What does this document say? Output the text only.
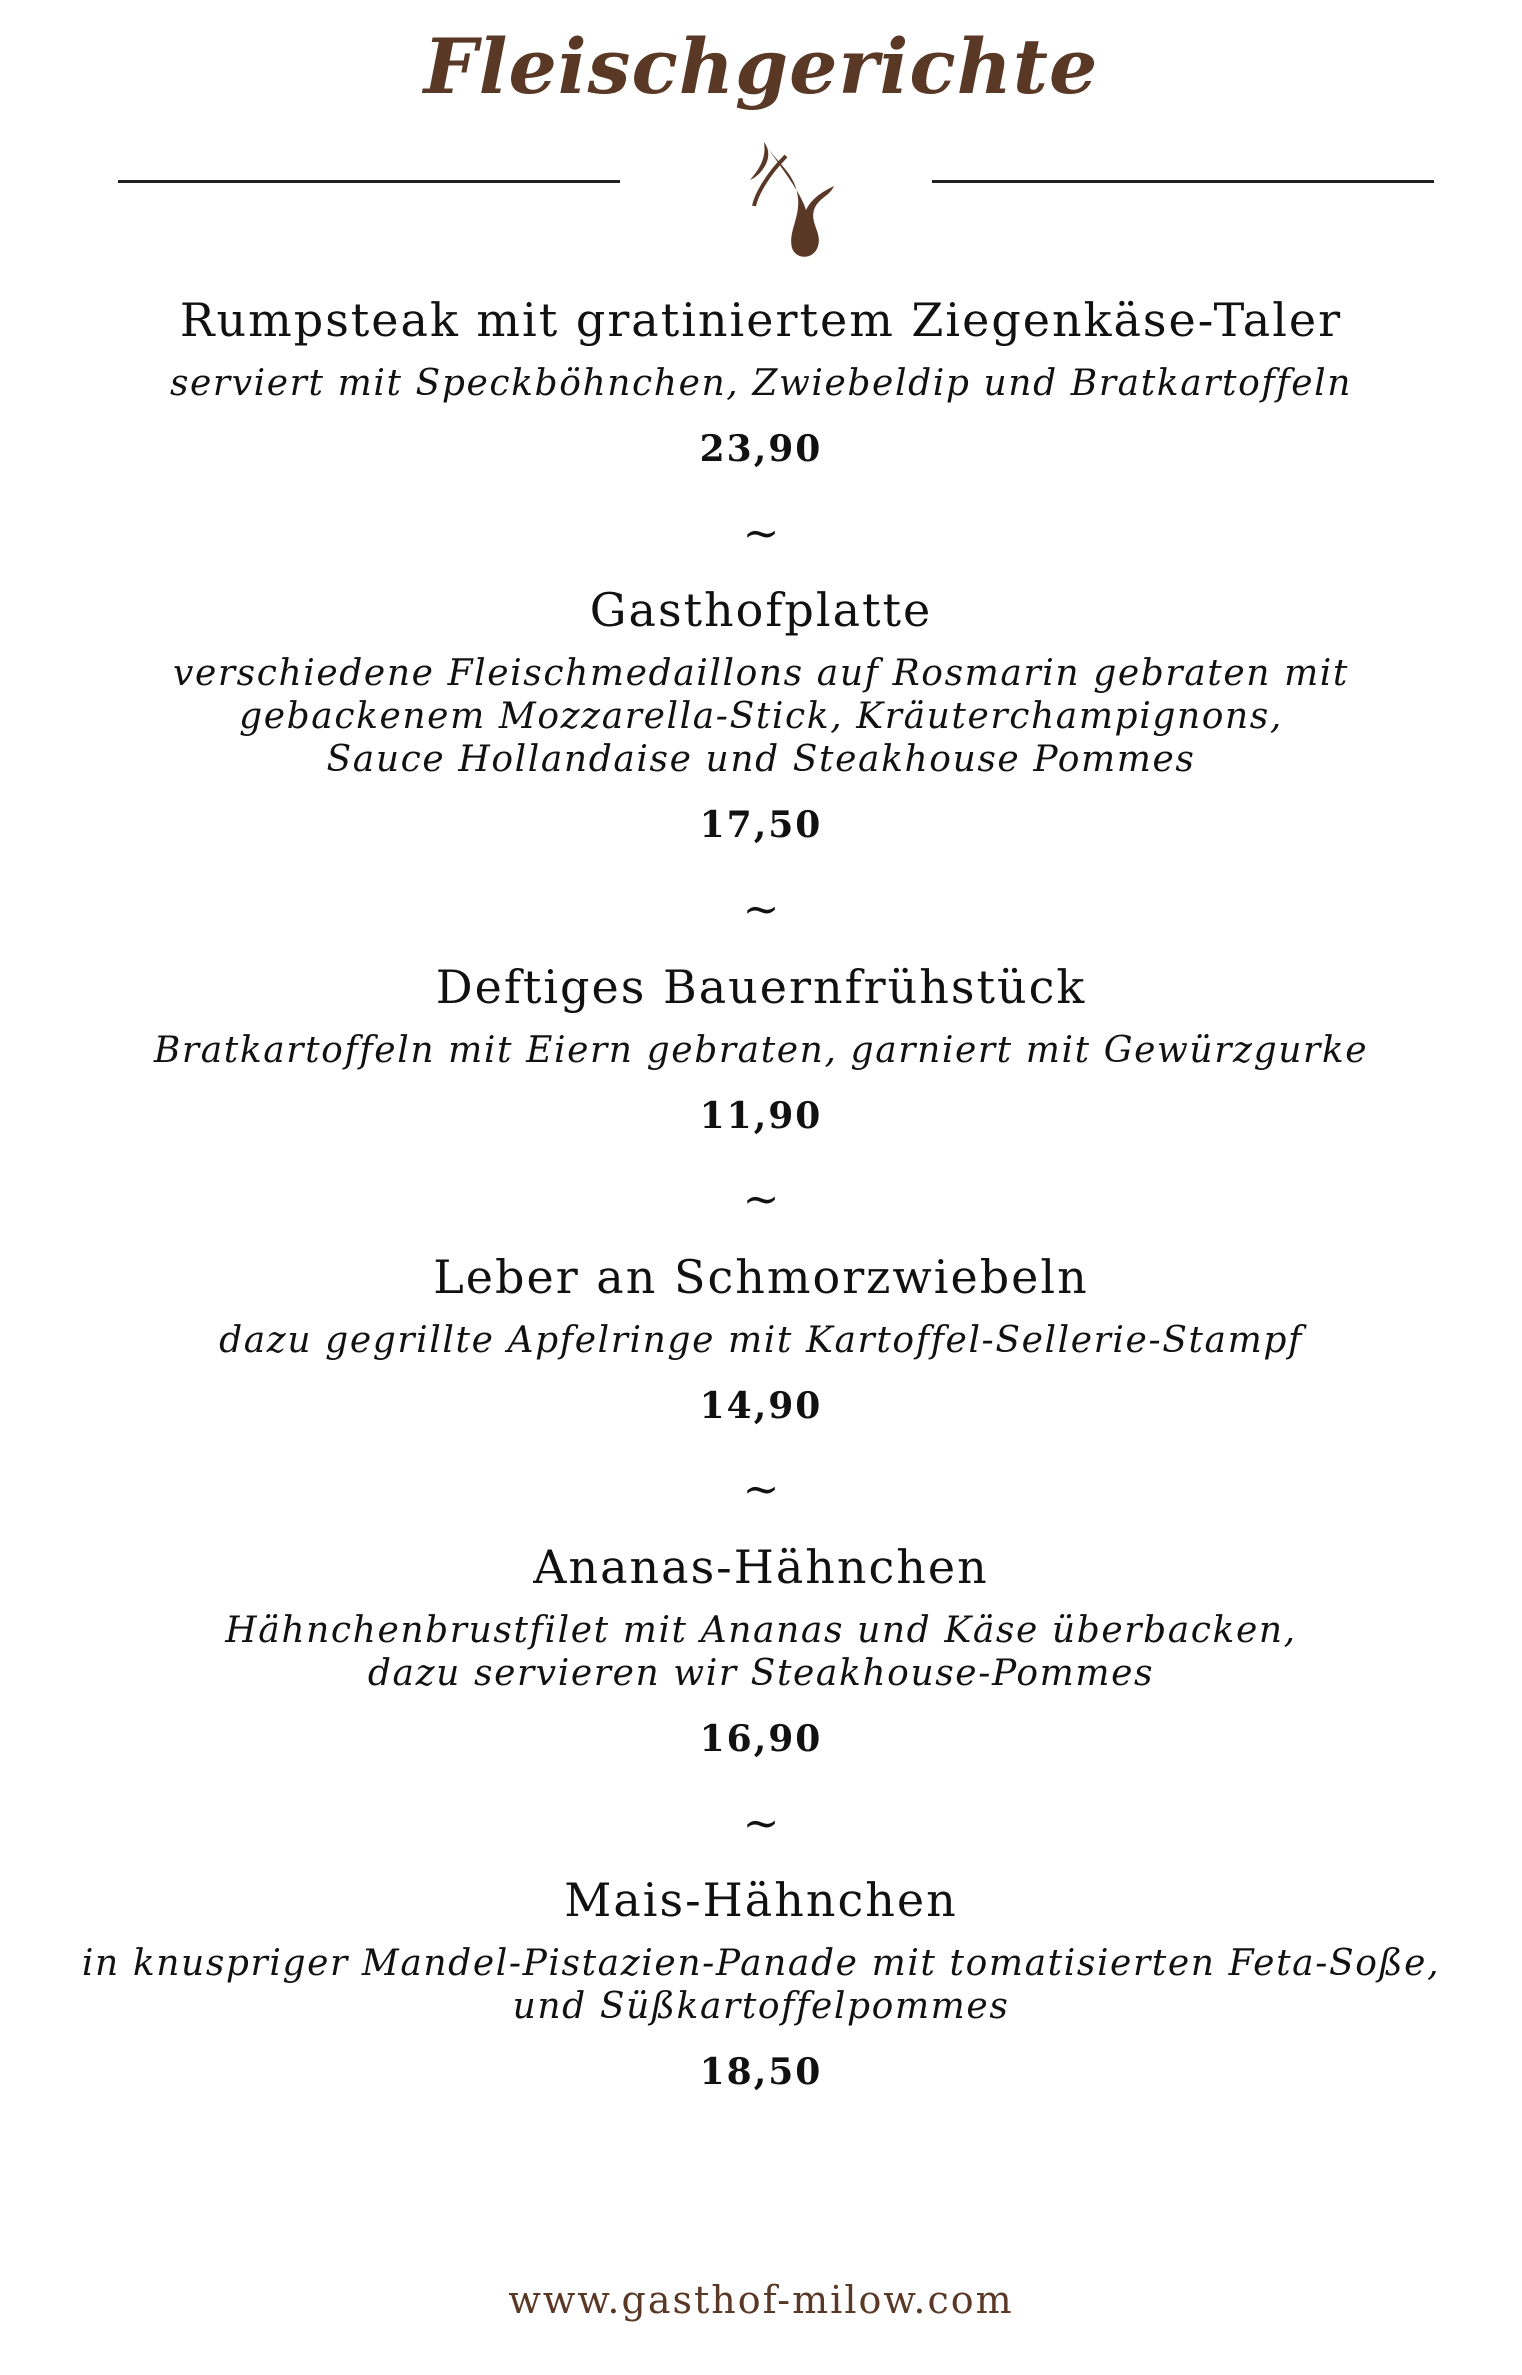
Fleischgerichte
Rumpsteak mit gratiniertem Ziegenkäse-Taler
serviert mit Speckböhnchen, Zwiebeldip und Bratkartoffeln
23,90
~
Gasthofplatte
verschiedene Fleischmedaillons auf Rosmarin gebraten mit
gebackenem Mozzarella-Stick, Kräuterchampignons,
Sauce Hollandaise und Steakhouse Pommes
17,50
~
Deftiges Bauernfrühstück
Bratkartoffeln mit Eiern gebraten, garniert mit Gewürzgurke
11,90
~
Leber an Schmorzwiebeln
dazu gegrillte Apfelringe mit Kartoffel-Sellerie-Stampf
14,90
~
Ananas-Hähnchen
Hähnchenbrustfilet mit Ananas und Käse überbacken,
dazu servieren wir Steakhouse-Pommes
16,90
~
Mais-Hähnchen
in knuspriger Mandel-Pistazien-Panade mit tomatisierten Feta-Soße,
und Süßkartoffelpommes
18,50
www.gasthof-milow.com
